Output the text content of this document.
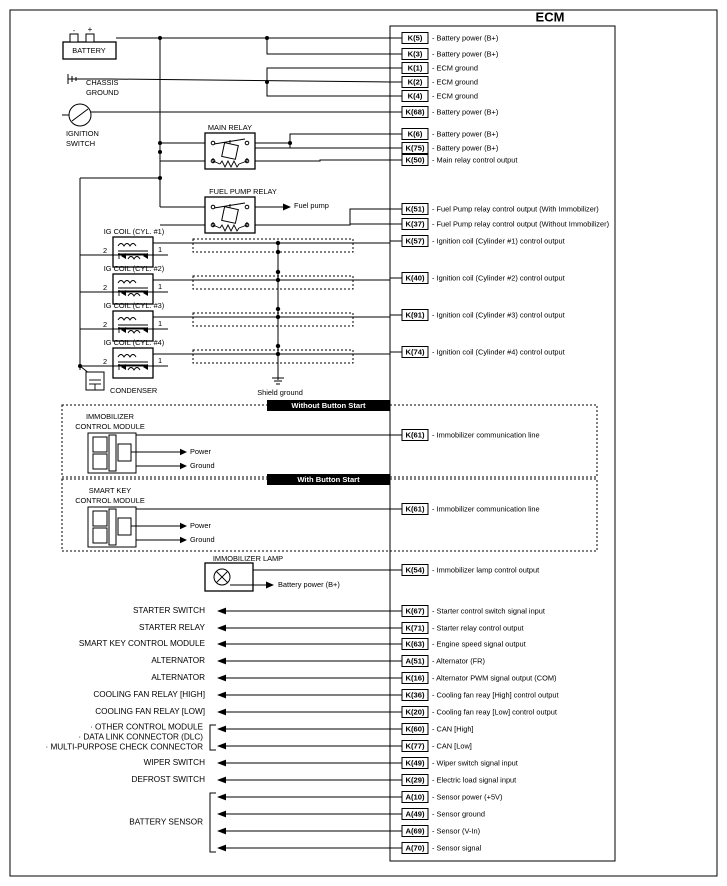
ECM
K(5) - Battery power (B+)
K(3) - Battery power (B+)
K(1) - ECM ground
K(2) - ECM ground
K(4) - ECM ground
K(68) - Battery power (B+)
K(6) - Battery power (B+)
K(75) - Battery power (B+)
K(50) - Main relay control output
K(51) - Fuel Pump relay control output (With Immobilizer)
K(37) - Fuel Pump relay control output (Without Immobilizer)
K(57) - Ignition coil (Cylinder #1) control output
K(40) - Ignition coil (Cylinder #2) control output
K(91) - Ignition coil (Cylinder #3) control output
K(74) - Ignition coil (Cylinder #4) control output
K(61) - Immobilizer communication line
K(61) - Immobilizer communication line
K(54) - Immobilizer lamp control output
K(67) - Starter control switch signal input
K(71) - Starter relay control output
K(63) - Engine speed signal output
A(51) - Alternator (FR)
K(16) - Alternator PWM signal output (COM)
K(36) - Cooling fan reay [High] control output
K(20) - Cooling fan reay [Low] control output
K(60) - CAN [High]
K(77) - CAN [Low]
K(49) - Wiper switch signal input
K(29) - Electric load signal input
A(10) - Sensor power (+5V)
A(49) - Sensor ground
A(69) - Sensor (V-In)
A(70) - Sensor signal
- +
BATTERY
CHASSIS
GROUND
IGNITION
SWITCH
MAIN RELAY
FUEL PUMP RELAY
Fuel pump
IG COIL (CYL. #1)
1
2
IG COIL (CYL. #2)
1
2
IG COIL (CYL. #3)
1
2
IG COIL (CYL. #4)
1
2
CONDENSER	Shield ground
Without Button Start
IMMOBILIZER
CONTROL MODULE
Power
Ground
With Button Start
SMART KEY
CONTROL MODULE
Power
Ground
IMMOBILIZER LAMP
Battery power (B+)
STARTER SWITCH
STARTER RELAY
SMART KEY CONTROL MODULE
ALTERNATOR
ALTERNATOR
COOLING FAN RELAY [HIGH]
COOLING FAN RELAY [LOW]
WIPER SWITCH
DEFROST SWITCH
· OTHER CONTROL MODULE
· DATA LINK CONNECTOR (DLC)
· MULTI-PURPOSE CHECK CONNECTOR
BATTERY SENSOR
